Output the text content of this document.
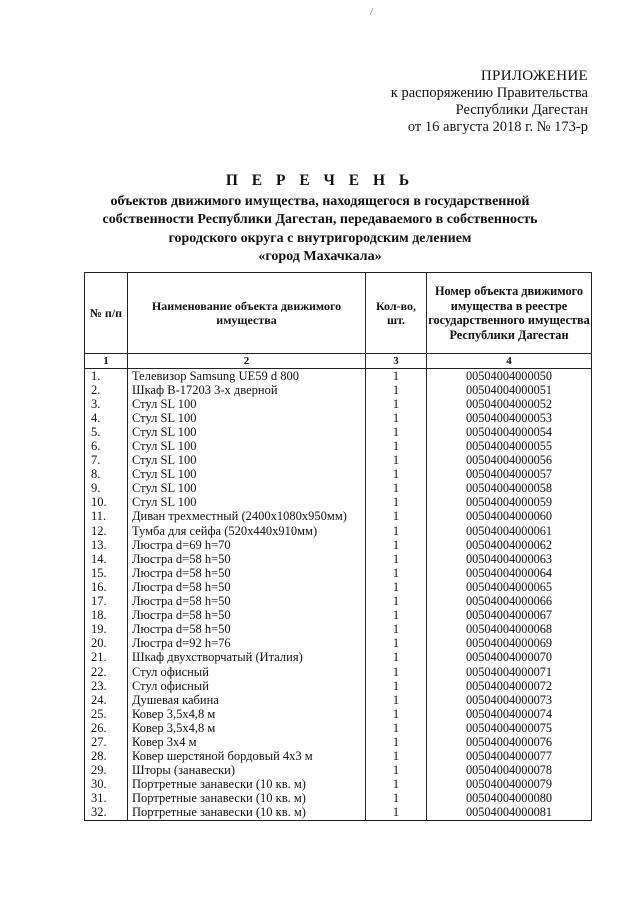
/
ПРИЛОЖЕНИЕ
к распоряжению Правительства
Республики Дагестан
от 16 августа 2018 г. № 173-р
П Е Р Е Ч Е Н Ь
объектов движимого имущества, находящегося в государственной
собственности Республики Дагестан, передаваемого в собственность
городского округа с внутригородским делением
«город Махачкала»
№ п/п	Наименование объекта движимого имущества	Кол-во, шт.	Номер объекта движимого имущества в реестре государственного имущества Республики Дагестан
1	2	3	4
1.	Телевизор Samsung UE59 d 800	1	00504004000050
2.	Шкаф B-17203 3-х дверной	1	00504004000051
3.	Стул SL 100	1	00504004000052
4.	Стул SL 100	1	00504004000053
5.	Стул SL 100	1	00504004000054
6.	Стул SL 100	1	00504004000055
7.	Стул SL 100	1	00504004000056
8.	Стул SL 100	1	00504004000057
9.	Стул SL 100	1	00504004000058
10.	Стул SL 100	1	00504004000059
11.	Диван трехместный (2400x1080x950мм)	1	00504004000060
12.	Тумба для сейфа (520x440x910мм)	1	00504004000061
13.	Люстра d=69 h=70	1	00504004000062
14.	Люстра d=58 h=50	1	00504004000063
15.	Люстра d=58 h=50	1	00504004000064
16.	Люстра d=58 h=50	1	00504004000065
17.	Люстра d=58 h=50	1	00504004000066
18.	Люстра d=58 h=50	1	00504004000067
19.	Люстра d=58 h=50	1	00504004000068
20.	Люстра d=92 h=76	1	00504004000069
21.	Шкаф двухстворчатый (Италия)	1	00504004000070
22.	Стул офисный	1	00504004000071
23.	Стул офисный	1	00504004000072
24.	Душевая кабина	1	00504004000073
25.	Ковер 3,5x4,8 м	1	00504004000074
26.	Ковер 3,5x4,8 м	1	00504004000075
27.	Ковер 3x4 м	1	00504004000076
28.	Ковер шерстяной бордовый 4x3 м	1	00504004000077
29.	Шторы (занавески)	1	00504004000078
30.	Портретные занавески (10 кв. м)	1	00504004000079
31.	Портретные занавески (10 кв. м)	1	00504004000080
32.	Портретные занавески (10 кв. м)	1	00504004000081
